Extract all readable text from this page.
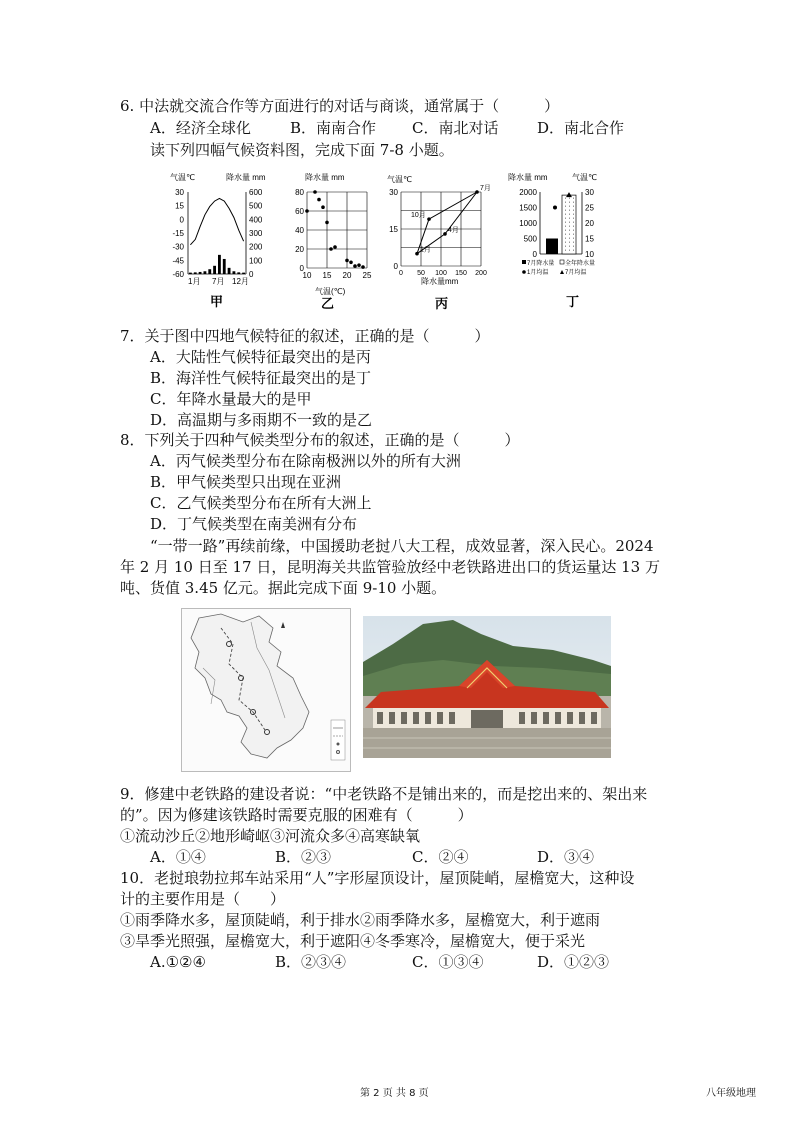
6. 中法就交流合作等方面进行的对话与商谈，通常属于（　　　）
A．经济全球化	B．南南合作 C．南北对话	D．南北合作
读下列四幅气候资料图，完成下面 7-8 小题。
气温℃	降水量 mm
30
15
0
-15
-30
-45
-60
600
500
400
300
200
100
0
1月 7月 12月
甲
降水量 mm
80
60
40
20
0
10 15 20 25
气温(℃)
乙
气温℃
30
15
0
0 50 100 150 200
1月
4月
7月
10月
降水量mm
丙
降水量 mm	气温℃
2000
1500
1000
500
0
30
25
20
15
10
7月降水量 全年降水量
1月均温	7月均温
丁
7．关于图中四地气候特征的叙述，正确的是（　　　）
A．大陆性气候特征最突出的是丙
B．海洋性气候特征最突出的是丁
C．年降水量最大的是甲
D．高温期与多雨期不一致的是乙
8．下列关于四种气候类型分布的叙述，正确的是（　　　）
A．丙气候类型分布在除南极洲以外的所有大洲
B．甲气候类型只出现在亚洲
C．乙气候类型分布在所有大洲上
D．丁气候类型在南美洲有分布
　　“一带一路”再续前缘，中国援助老挝八大工程，成效显著，深入民心。2024
年 2 月 10 日至 17 日，昆明海关共监管验放经中老铁路进出口的货运量达 13 万
吨、货值 3.45 亿元。据此完成下面 9-10 小题。
9．修建中老铁路的建设者说：“中老铁路不是铺出来的，而是挖出来的、架出来
的”。因为修建该铁路时需要克服的困难有（　　　）
①流动沙丘②地形崎岖③河流众多④高寒缺氧
A．①④	B．②③	C．②④	D．③④
10．老挝琅勃拉邦车站采用“人”字形屋顶设计，屋顶陡峭，屋檐宽大，这种设
计的主要作用是（　　）
①雨季降水多，屋顶陡峭，利于排水②雨季降水多，屋檐宽大，利于遮雨
③旱季光照强，屋檐宽大，利于遮阳④冬季寒冷，屋檐宽大，便于采光
A.①②④	B．②③④	C．①③④	D．①②③
第 2 页 共 8 页	八年级地理
